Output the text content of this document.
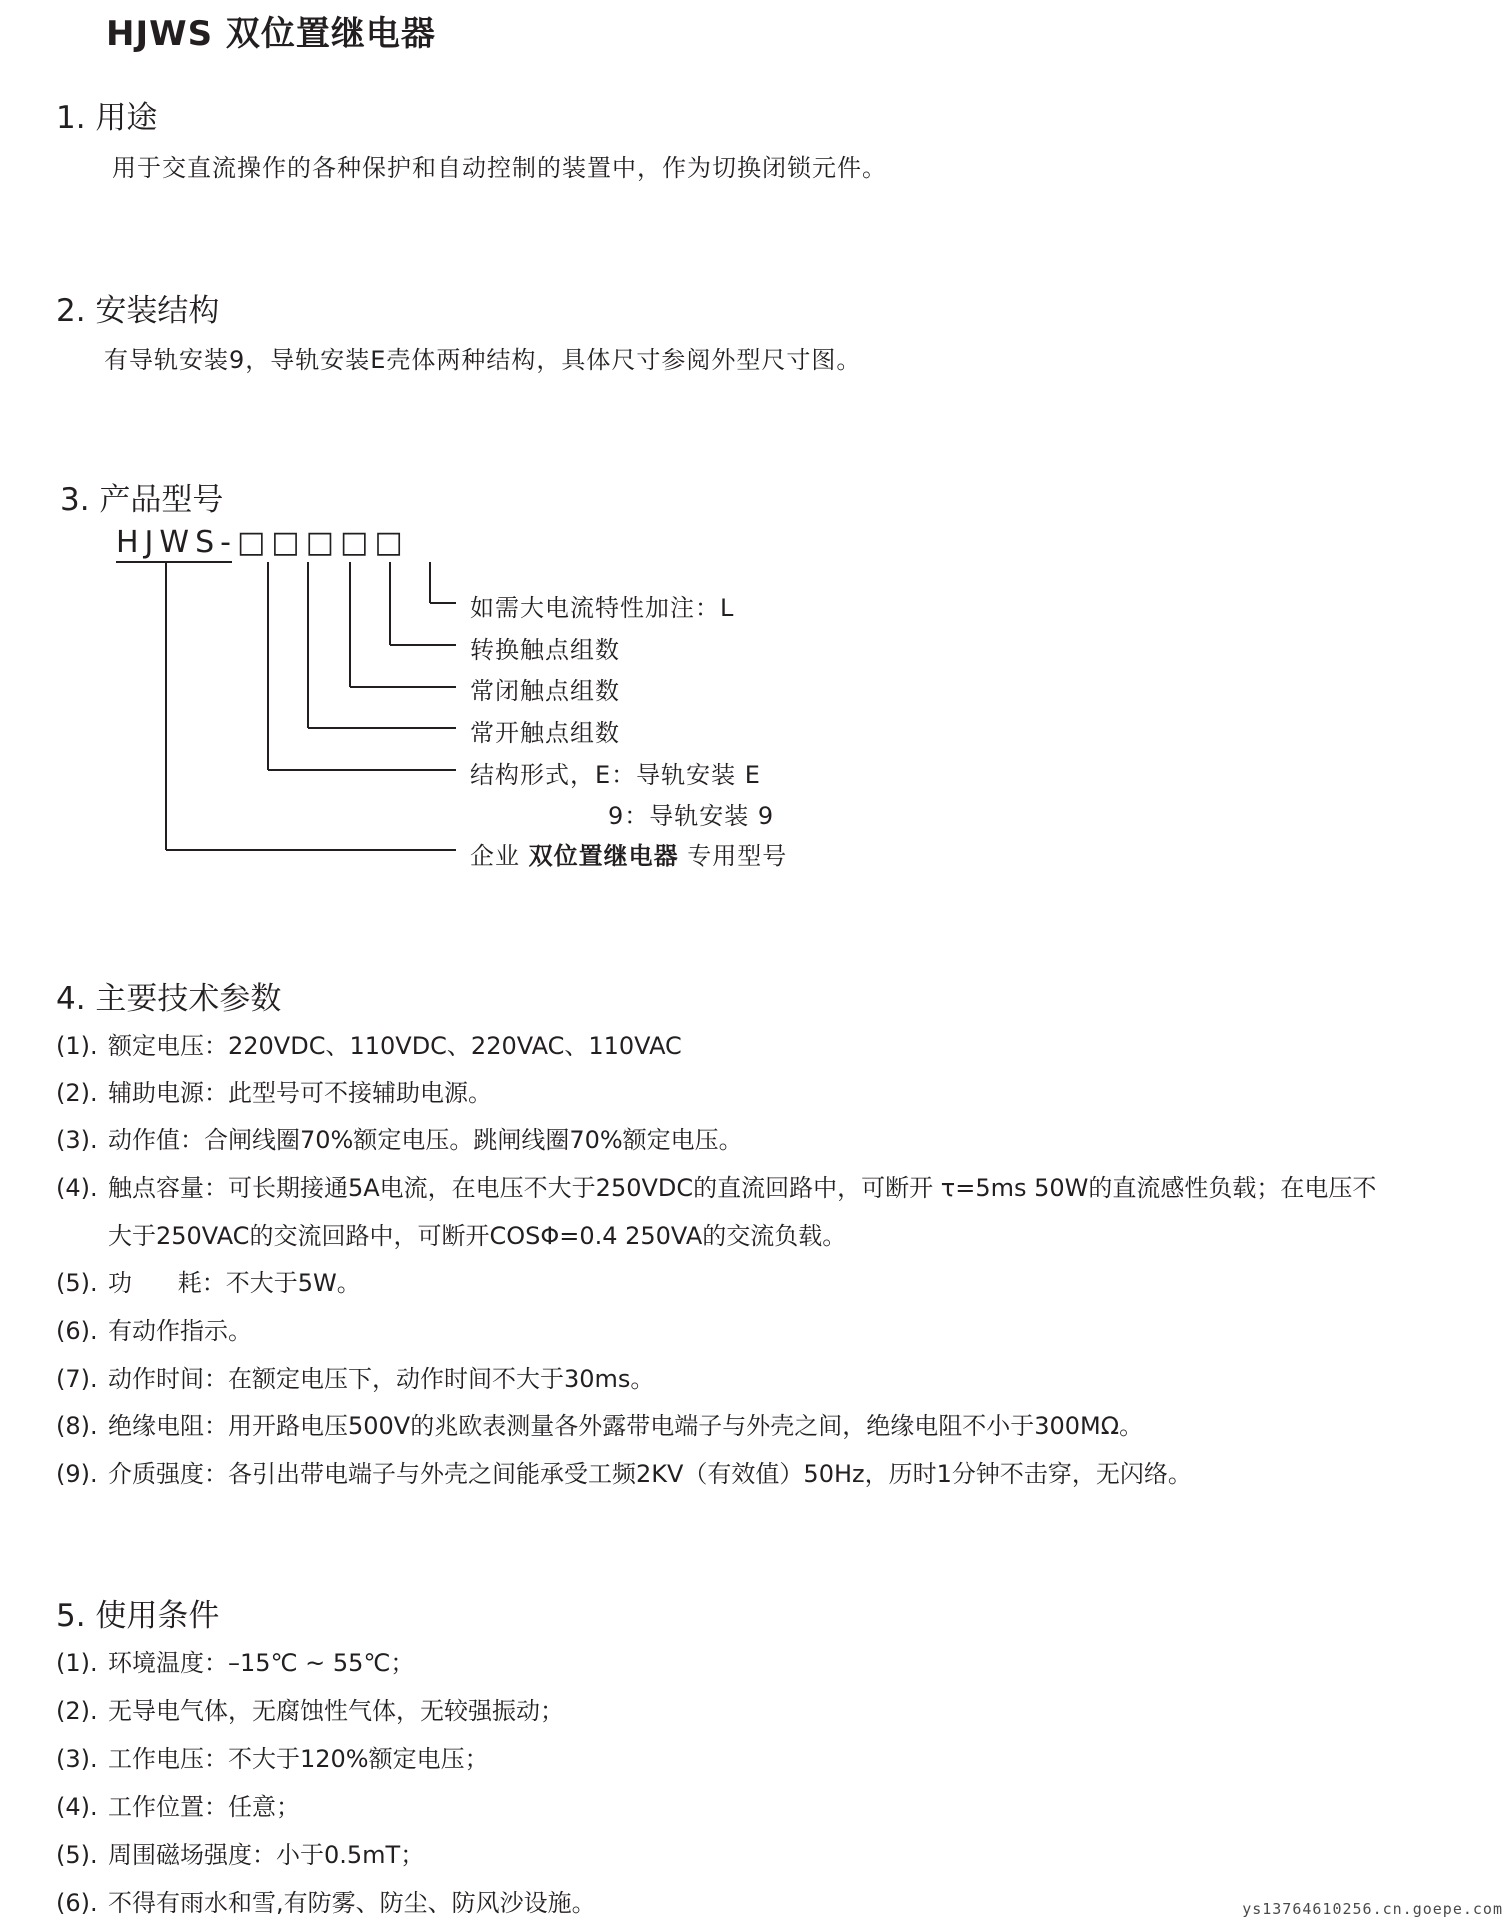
HJWS 双位置继电器
1. 用途
用于交直流操作的各种保护和自动控制的装置中，作为切换闭锁元件。
2. 安装结构
有导轨安装9，导轨安装E壳体两种结构，具体尺寸参阅外型尺寸图。
3. 产品型号
HJWS-□□□□□
如需大电流特性加注：L
转换触点组数
常闭触点组数
常开触点组数
结构形式，E：导轨安装 E
9：导轨安装 9
企业 双位置继电器 专用型号
4. 主要技术参数
(1). 额定电压：220VDC、110VDC、220VAC、110VAC
(2). 辅助电源：此型号可不接辅助电源。
(3). 动作值：合闸线圈70%额定电压。跳闸线圈70%额定电压。
(4). 触点容量：可长期接通5A电流，在电压不大于250VDC的直流回路中，可断开 τ=5ms 50W的直流感性负载；在电压不
大于250VAC的交流回路中，可断开COSΦ=0.4 250VA的交流负载。
(5). 功      耗：不大于5W。
(6). 有动作指示。
(7). 动作时间：在额定电压下，动作时间不大于30ms。
(8). 绝缘电阻：用开路电压500V的兆欧表测量各外露带电端子与外壳之间，绝缘电阻不小于300MΩ。
(9). 介质强度：各引出带电端子与外壳之间能承受工频2KV（有效值）50Hz，历时1分钟不击穿，无闪络。
5. 使用条件
(1). 环境温度：–15℃ ~ 55℃；
(2). 无导电气体，无腐蚀性气体，无较强振动；
(3). 工作电压：不大于120%额定电压；
(4). 工作位置：任意；
(5). 周围磁场强度：小于0.5mT；
(6). 不得有雨水和雪,有防雾、防尘、防风沙设施。	ys13764610256.cn.goepe.com
